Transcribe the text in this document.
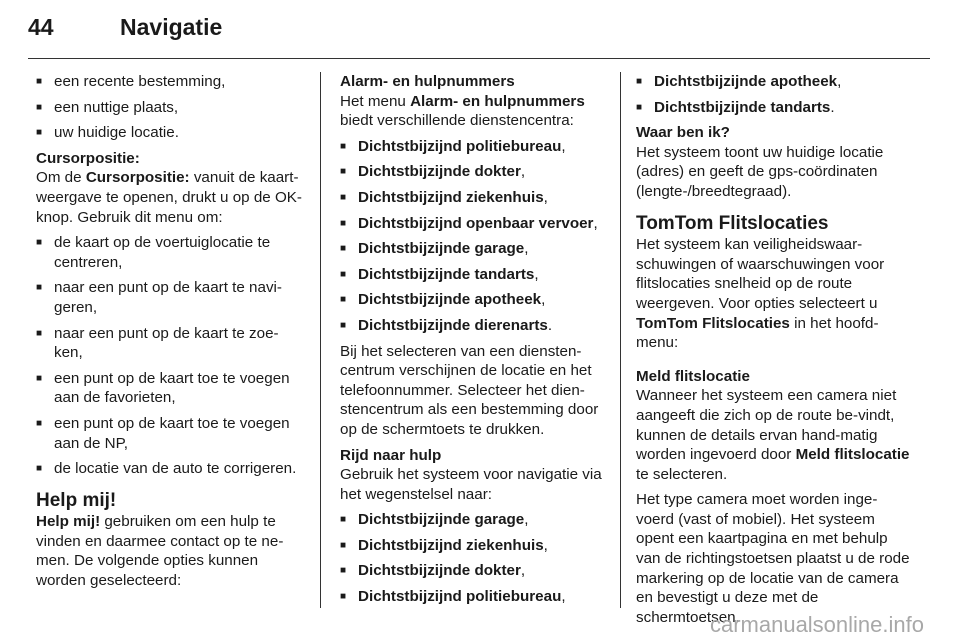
44	Navigatie
■ een recente bestemming,
■ een nuttige plaats,
■ uw huidige locatie.

Cursorpositie:

Om de Cursorpositie: vanuit de kaart-weergave te openen, drukt u op de OK-knop. Gebruik dit menu om:

■ de kaart op de voertuiglocatie te centreren,
■ naar een punt op de kaart te navi-geren,
■ naar een punt op de kaart te zoe-ken,
■ een punt op de kaart toe te voegen aan de favorieten,
■ een punt op de kaart toe te voegen aan de NP,
■ de locatie van de auto te corrigeren.
Help mij!

Help mij! gebruiken om een hulp te vinden en daarmee contact op te ne-men. De volgende opties kunnen worden geselecteerd:

Alarm- en hulpnummers

Het menu Alarm- en hulpnummers biedt verschillende dienstencentra:

■ Dichtstbijzijnd politiebureau,
■ Dichtstbijzijnde dokter,
■ Dichtstbijzijnd ziekenhuis,
■ Dichtstbijzijnd openbaar vervoer,
■ Dichtstbijzijnde garage,
■ Dichtstbijzijnde tandarts,
■ Dichtstbijzijnde apotheek,
■ Dichtstbijzijnde dierenarts.

Bij het selecteren van een diensten-centrum verschijnen de locatie en het telefoonnummer. Selecteer het dien-stencentrum als een bestemming door op de schermtoets te drukken.

Rijd naar hulp

Gebruik het systeem voor navigatie via het wegenstelsel naar:

■ Dichtstbijzijnde garage,
■ Dichtstbijzijnd ziekenhuis,
■ Dichtstbijzijnde dokter,
■ Dichtstbijzijnd politiebureau,
■ Dichtstbijzijnde apotheek,
■ Dichtstbijzijnde tandarts.

Waar ben ik?

Het systeem toont uw huidige locatie (adres) en geeft de gps-coördinaten (lengte-/breedtegraad).

TomTom Flitslocaties

Het systeem kan veiligheidswaar-schuwingen of waarschuwingen voor flitslocaties snelheid op de route weergeven. Voor opties selecteert u TomTom Flitslocaties in het hoofd-menu:

Meld flitslocatie

Wanneer het systeem een camera niet aangeeft die zich op de route be-vindt, kunnen de details ervan hand-matig worden ingevoerd door Meld flitslocatie te selecteren.

Het type camera moet worden inge-voerd (vast of mobiel). Het systeem opent een kaartpagina en met behulp van de richtingstoetsen plaatst u de rode markering op de locatie van de camera en bevestigt u deze met de schermtoetsen.

carmanualsonline.info
